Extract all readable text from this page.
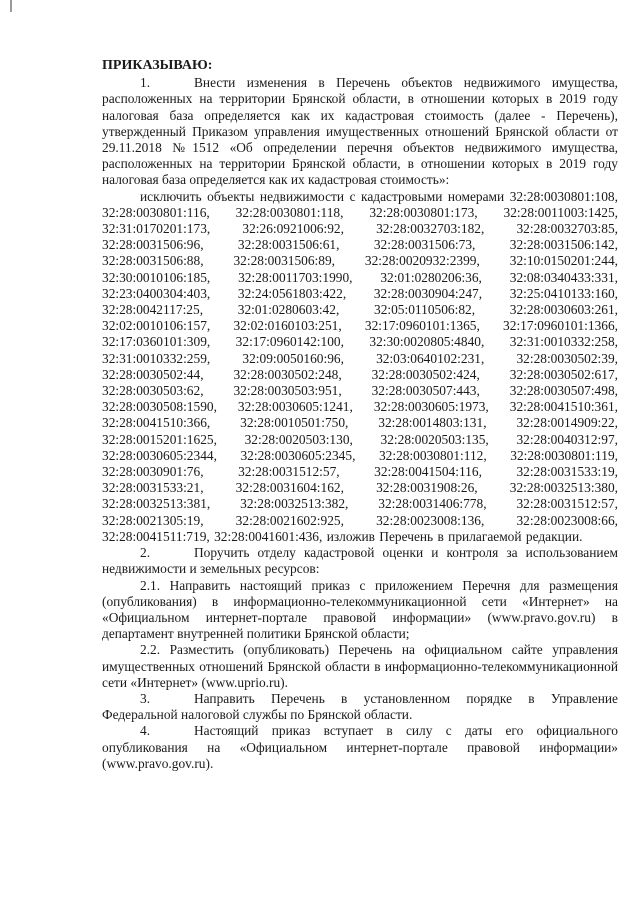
ПРИКАЗЫВАЮ:

1.	Внести изменения в Перечень объектов недвижимого имущества, расположенных на территории Брянской области, в отношении которых в 2019 году налоговая база определяется как их кадастровая стоимость (далее - Перечень), утвержденный Приказом управления имущественных отношений Брянской области от 29.11.2018 №1512 «Об определении перечня объектов недвижимого имущества, расположенных на территории Брянской области, в отношении которых в 2019 году налоговая база определяется как их кадастровая стоимость»:

исключить объекты недвижимости с кадастровыми номерами 32:28:0030801:108, 32:28:0030801:116, 32:28:0030801:118, 32:28:0030801:173, 32:28:0011003:1425, 32:31:0170201:173, 32:26:0921006:92, 32:28:0032703:182, 32:28:0032703:85, 32:28:0031506:96, 32:28:0031506:61, 32:28:0031506:73, 32:28:0031506:142, 32:28:0031506:88, 32:28:0031506:89, 32:28:0020932:2399, 32:10:0150201:244, 32:30:0010106:185, 32:28:0011703:1990, 32:01:0280206:36, 32:08:0340433:331, 32:23:0400304:403, 32:24:0561803:422, 32:28:0030904:247, 32:25:0410133:160, 32:28:0042117:25, 32:01:0280603:42, 32:05:0110506:82, 32:28:0030603:261, 32:02:0010106:157, 32:02:0160103:251, 32:17:0960101:1365, 32:17:0960101:1366, 32:17:0360101:309, 32:17:0960142:100, 32:30:0020805:4840, 32:31:0010332:258, 32:31:0010332:259, 32:09:0050160:96, 32:03:0640102:231, 32:28:0030502:39, 32:28:0030502:44, 32:28:0030502:248, 32:28:0030502:424, 32:28:0030502:617, 32:28:0030503:62, 32:28:0030503:951, 32:28:0030507:443, 32:28:0030507:498, 32:28:0030508:1590, 32:28:0030605:1241, 32:28:0030605:1973, 32:28:0041510:361, 32:28:0041510:366, 32:28:0010501:750, 32:28:0014803:131, 32:28:0014909:22, 32:28:0015201:1625, 32:28:0020503:130, 32:28:0020503:135, 32:28:0040312:97, 32:28:0030605:2344, 32:28:0030605:2345, 32:28:0030801:112, 32:28:0030801:119, 32:28:0030901:76, 32:28:0031512:57, 32:28:0041504:116, 32:28:0031533:19, 32:28:0031533:21, 32:28:0031604:162, 32:28:0031908:26, 32:28:0032513:380, 32:28:0032513:381, 32:28:0032513:382, 32:28:0031406:778, 32:28:0031512:57, 32:28:0021305:19, 32:28:0021602:925, 32:28:0023008:136, 32:28:0023008:66, 32:28:0041511:719, 32:28:0041601:436, изложив Перечень в прилагаемой редакции.

2.	Поручить отделу кадастровой оценки и контроля за использованием недвижимости и земельных ресурсов:

2.1. Направить настоящий приказ с приложением Перечня для размещения (опубликования) в информационно-телекоммуникационной сети «Интернет» на «Официальном интернет-портале правовой информации» (www.pravo.gov.ru) в департамент внутренней политики Брянской области;

2.2. Разместить (опубликовать) Перечень на официальном сайте управления имущественных отношений Брянской области в информационно-телекоммуникационной сети «Интернет» (www.uprio.ru).

3.	Направить Перечень в установленном порядке в Управление Федеральной налоговой службы по Брянской области.

4.	Настоящий приказ вступает в силу с даты его официального опубликования на «Официальном интернет-портале правовой информации» (www.pravo.gov.ru).
